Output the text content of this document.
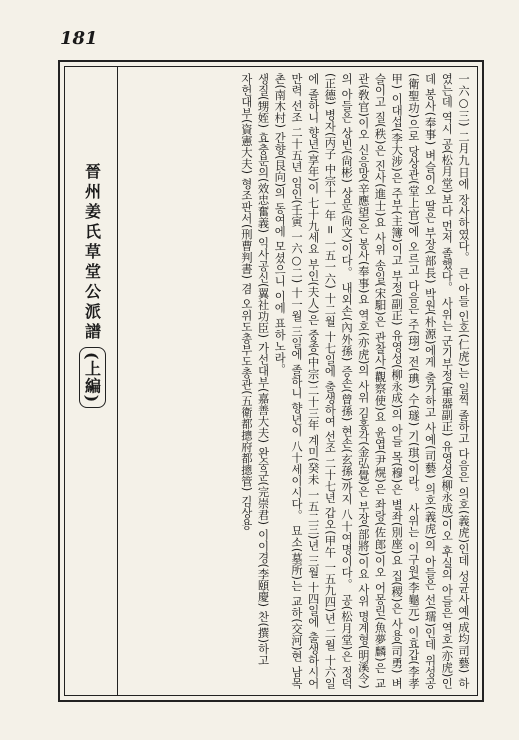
181

一六○三) 二月九日에 장사하였다。 큰 아들 인호(仁虎)는 일찍 졸하고 다음은 의호(義虎)인데 성균사예(成均司藝) 하였는데 역시 공(松月堂)보다 먼저 졸했다。 사위는 군기부정(軍器副正) 유영성(柳永成)이오 후실의 아들은 역호(亦虎)인데 봉사(奉事) 벼슬이오 딸은 부장(部長) 박원(朴源)에게 출가하고 사예(司藝) 의호(義虎)의 아들은 선(瓀)인데 위성공(衛聖功)으로 당상관(堂上官)에 오르고 다음은 주(珝) 전(琠) 수(璲) 기(琪)이라。 사위는 이구원(李龜元) 이효갑(李孝甲) 이대섭(李大涉)은 주부(主簿)이고 부정(副正) 유영성(柳永成)의 아들 목(穆)은 별좌(別座)요 집(稷)은 사용(司勇) 벼슬이고 질(秩)은 진사(進士)요 사위 송일(宋馹)은 관찰사(觀察使)요 윤엽(尹熀)은 좌랑(佐郎)이오 어몽린(魚夢麟)은 교관(敎官)이오 신응망(辛應望)은 봉사(奉事)요 역호(亦虎)의 사위 김홍각(金弘覺)은 부장(部將)이요 사위 명계형(明溪令)의 아들은 상빈(尙彬) 상문(尙文)이다。 내외손(內外孫) 증손(曾孫) 현손(玄孫)까지 八十여명이다。 공(松月堂)은 정덕(正德) 병자(丙子 中宗十一年 = 一五一六) 十二월 十七일에 출생하여 선조 二十七년 갑오(甲午 一五九四)년 二월 十六일에 졸하니 향년(享年)이 七十九세요 부인(夫人)은 중종(中宗)二十三年 계미(癸未 一五二三)년 三월 十四일에 출생하시어 만력 선조 二十五년 임인(壬寅 一六○二) 十一월 三일에 졸하니 향년이 八十세이시다。 묘소(墓所)는 교하(交河)현 남목촌(南木村) 간향(艮向)의 동여에 모셨으니 이에 표하노라。

생질(甥姪) 효충분의(效忠奮義) 익사공신(翼社功臣) 가선대부(嘉善大夫) 완숭군(完崇君) 이이경(李頤慶) 찬(撰)하고

자헌대부(資憲大夫) 형조판서(刑曹判書) 겸 오위도총부도총관(五衛都摠府都摠管) 김상용

晉州姜氏草堂公派譜
(上編)
